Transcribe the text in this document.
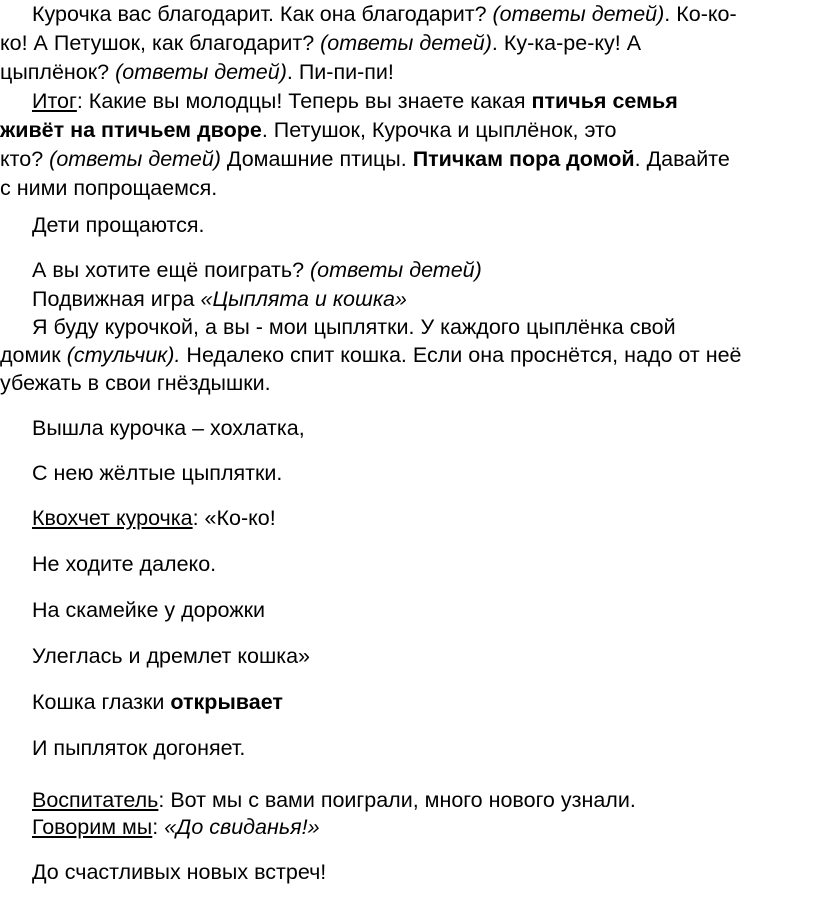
Курочка вас благодарит. Как она благодарит? (ответы детей). Ко-ко-
ко! А Петушок, как благодарит? (ответы детей). Ку-ка-ре-ку! А
цыплёнок? (ответы детей). Пи-пи-пи!
Итог: Какие вы молодцы! Теперь вы знаете какая птичья семья
живёт на птичьем дворе. Петушок, Курочка и цыплёнок, это
кто? (ответы детей) Домашние птицы. Птичкам пора домой. Давайте
с ними попрощаемся.
Дети прощаются.
А вы хотите ещё поиграть? (ответы детей)
Подвижная игра «Цыплята и кошка»
Я буду курочкой, а вы - мои цыплятки. У каждого цыплёнка свой
домик (стульчик). Недалеко спит кошка. Если она проснётся, надо от неё
убежать в свои гнёздышки.
Вышла курочка – хохлатка,
С нею жёлтые цыплятки.
Квохчет курочка: «Ко-ко!
Не ходите далеко.
На скамейке у дорожки
Улеглась и дремлет кошка»
Кошка глазки открывает
И пыпляток догоняет.
Воспитатель: Вот мы с вами поиграли, много нового узнали.
Говорим мы: «До свиданья!»
До счастливых новых встреч!
